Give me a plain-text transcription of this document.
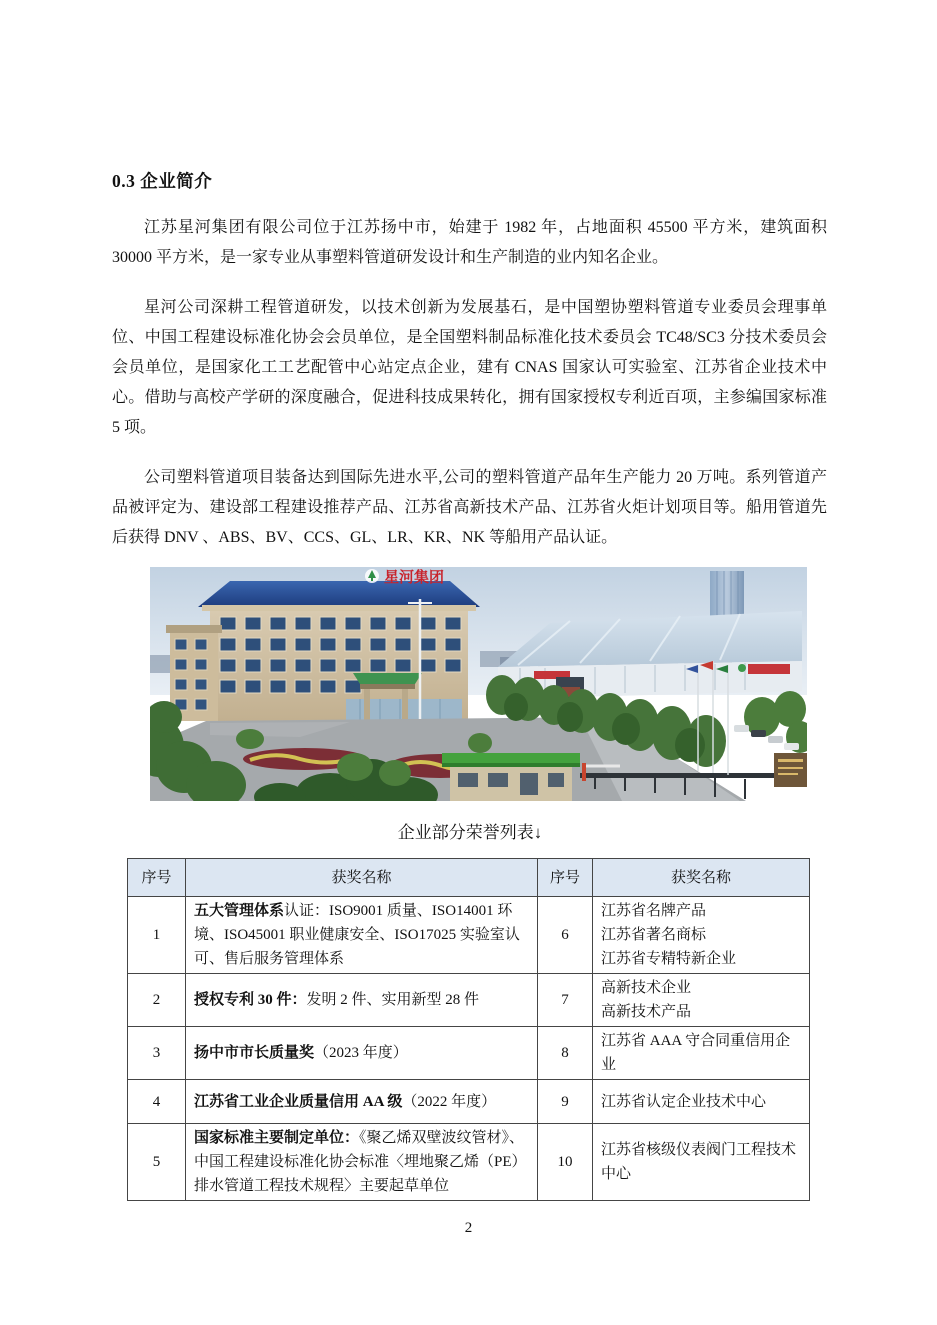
0.3 企业简介

江苏星河集团有限公司位于江苏扬中市，始建于 1982 年，占地面积 45500 平方米，建筑面积 30000 平方米，是一家专业从事塑料管道研发设计和生产制造的业内知名企业。

星河公司深耕工程管道研发，以技术创新为发展基石，是中国塑协塑料管道专业委员会理事单位、中国工程建设标准化协会会员单位，是全国塑料制品标准化技术委员会 TC48/SC3 分技术委员会会员单位，是国家化工工艺配管中心站定点企业，建有 CNAS 国家认可实验室、江苏省企业技术中心。借助与高校产学研的深度融合，促进科技成果转化，拥有国家授权专利近百项，主参编国家标准 5 项。

公司塑料管道项目装备达到国际先进水平,公司的塑料管道产品年生产能力 20 万吨。系列管道产品被评定为、建设部工程建设推荐产品、江苏省高新技术产品、江苏省火炬计划项目等。船用管道先后获得 DNV 、ABS、BV、CCS、GL、LR、KR、NK 等船用产品认证。

星河集团
企业部分荣誉列表↓
序号	获奖名称	序号	获奖名称
1	五大管理体系认证：ISO9001 质量、ISO14001 环境、ISO45001 职业健康安全、ISO17025 实验室认可、售后服务管理体系	6	江苏省名牌产品
江苏省著名商标
江苏省专精特新企业

2	授权专利 30 件：发明 2 件、实用新型 28 件	7	高新技术企业
高新技术产品

3	扬中市市长质量奖（2023 年度）	8	江苏省 AAA 守合同重信用企业

4	江苏省工业企业质量信用 AA 级（2022 年度）	9	江苏省认定企业技术中心

5	国家标准主要制定单位：《聚乙烯双壁波纹管材》、中国工程建设标准化协会标准〈埋地聚乙烯（PE）排水管道工程技术规程〉主要起草单位	10	江苏省核级仪表阀门工程技术中心
2
